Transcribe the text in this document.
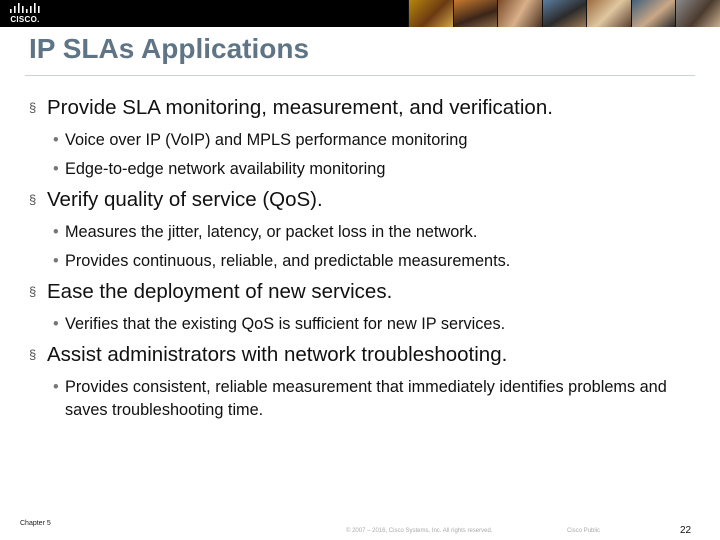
CISCO.
IP SLAs Applications
§ Provide SLA monitoring, measurement, and verification.
• Voice over IP (VoIP) and MPLS performance monitoring
• Edge-to-edge network availability monitoring
§ Verify quality of service (QoS).
• Measures the jitter, latency, or packet loss in the network.
• Provides continuous, reliable, and predictable measurements.
§ Ease the deployment of new services.
• Verifies that the existing QoS is sufficient for new IP services.
§ Assist administrators with network troubleshooting.
• Provides consistent, reliable measurement that immediately identifies problems and saves troubleshooting time.
Chapter 5
© 2007 – 2016, Cisco Systems, Inc. All rights reserved.	Cisco Public	22
